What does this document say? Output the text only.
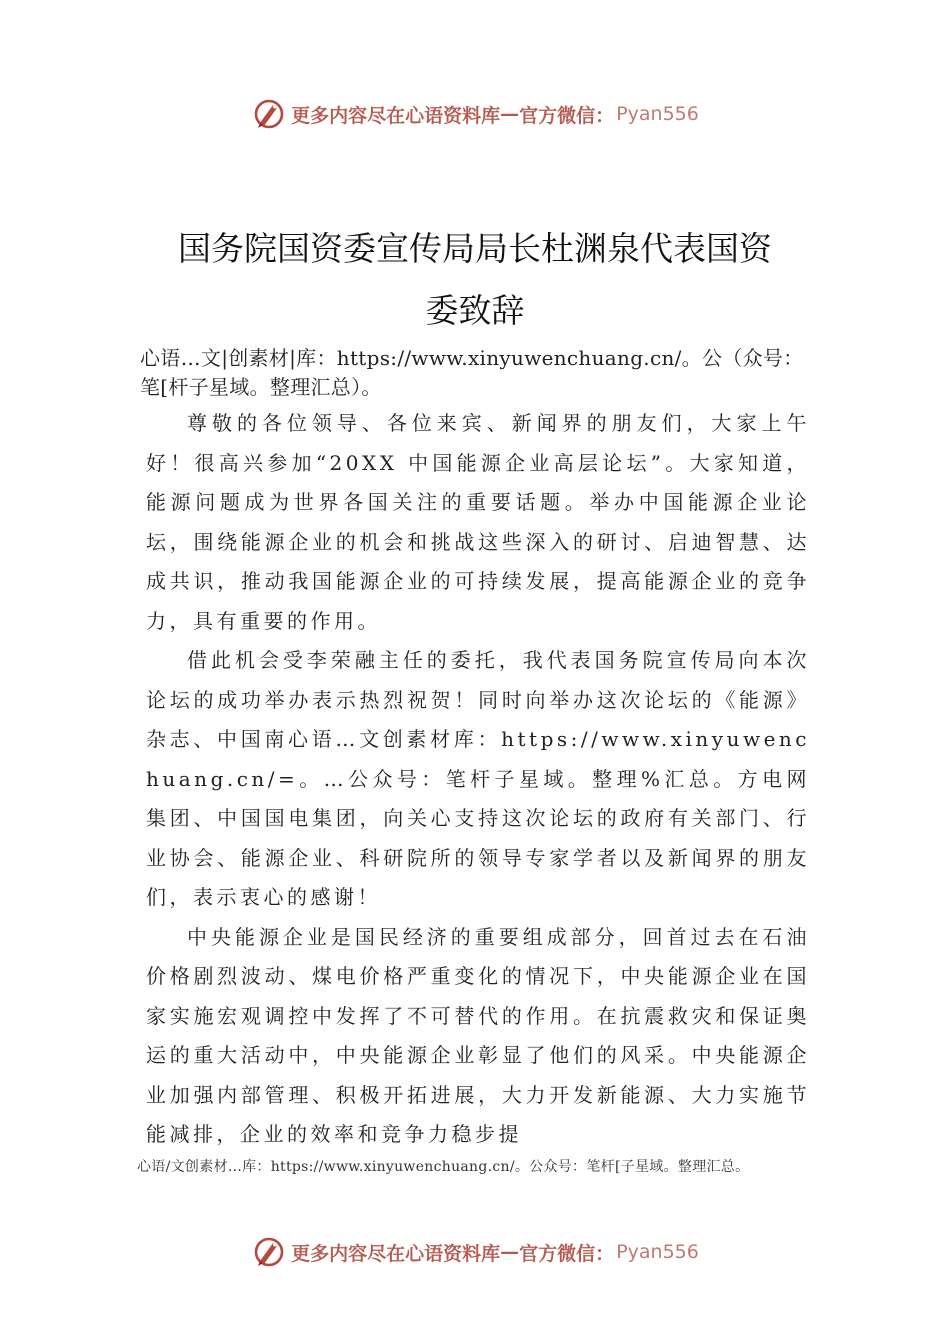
更多内容尽在心语资料库 — 官方微信： Pyan556
国务院国资委宣传局局长杜渊泉代表国资
委致辞

心语…文|创素材|库：https://www.xinyuwenchuang.cn/。公（众号：笔[杆子星域。整理汇总）。

尊敬的各位领导、各位来宾、新闻界的朋友们，大家上午好！很高兴参加“20XX 中国能源企业高层论坛”。大家知道，能源问题成为世界各国关注的重要话题。举办中国能源企业论坛，围绕能源企业的机会和挑战这些深入的研讨、启迪智慧、达成共识，推动我国能源企业的可持续发展，提高能源企业的竞争力，具有重要的作用。

借此机会受李荣融主任的委托，我代表国务院宣传局向本次论坛的成功举办表示热烈祝贺！同时向举办这次论坛的《能源》杂志、中国南心语…文创素材库：https://www.xinyuwenchuang.cn/=。…公众号：笔杆子星域。整理%汇总。方电网集团、中国国电集团，向关心支持这次论坛的政府有关部门、行业协会、能源企业、科研院所的领导专家学者以及新闻界的朋友们，表示衷心的感谢！

中央能源企业是国民经济的重要组成部分，回首过去在石油价格剧烈波动、煤电价格严重变化的情况下，中央能源企业在国家实施宏观调控中发挥了不可替代的作用。在抗震救灾和保证奥运的重大活动中，中央能源企业彰显了他们的风采。中央能源企业加强内部管理、积极开拓进展，大力开发新能源、大力实施节能减排，企业的效率和竞争力稳步提

心语/文创素材…库：https://www.xinyuwenchuang.cn/。公众号：笔杆[子星域。整理汇总。
更多内容尽在心语资料库 — 官方微信： Pyan556
